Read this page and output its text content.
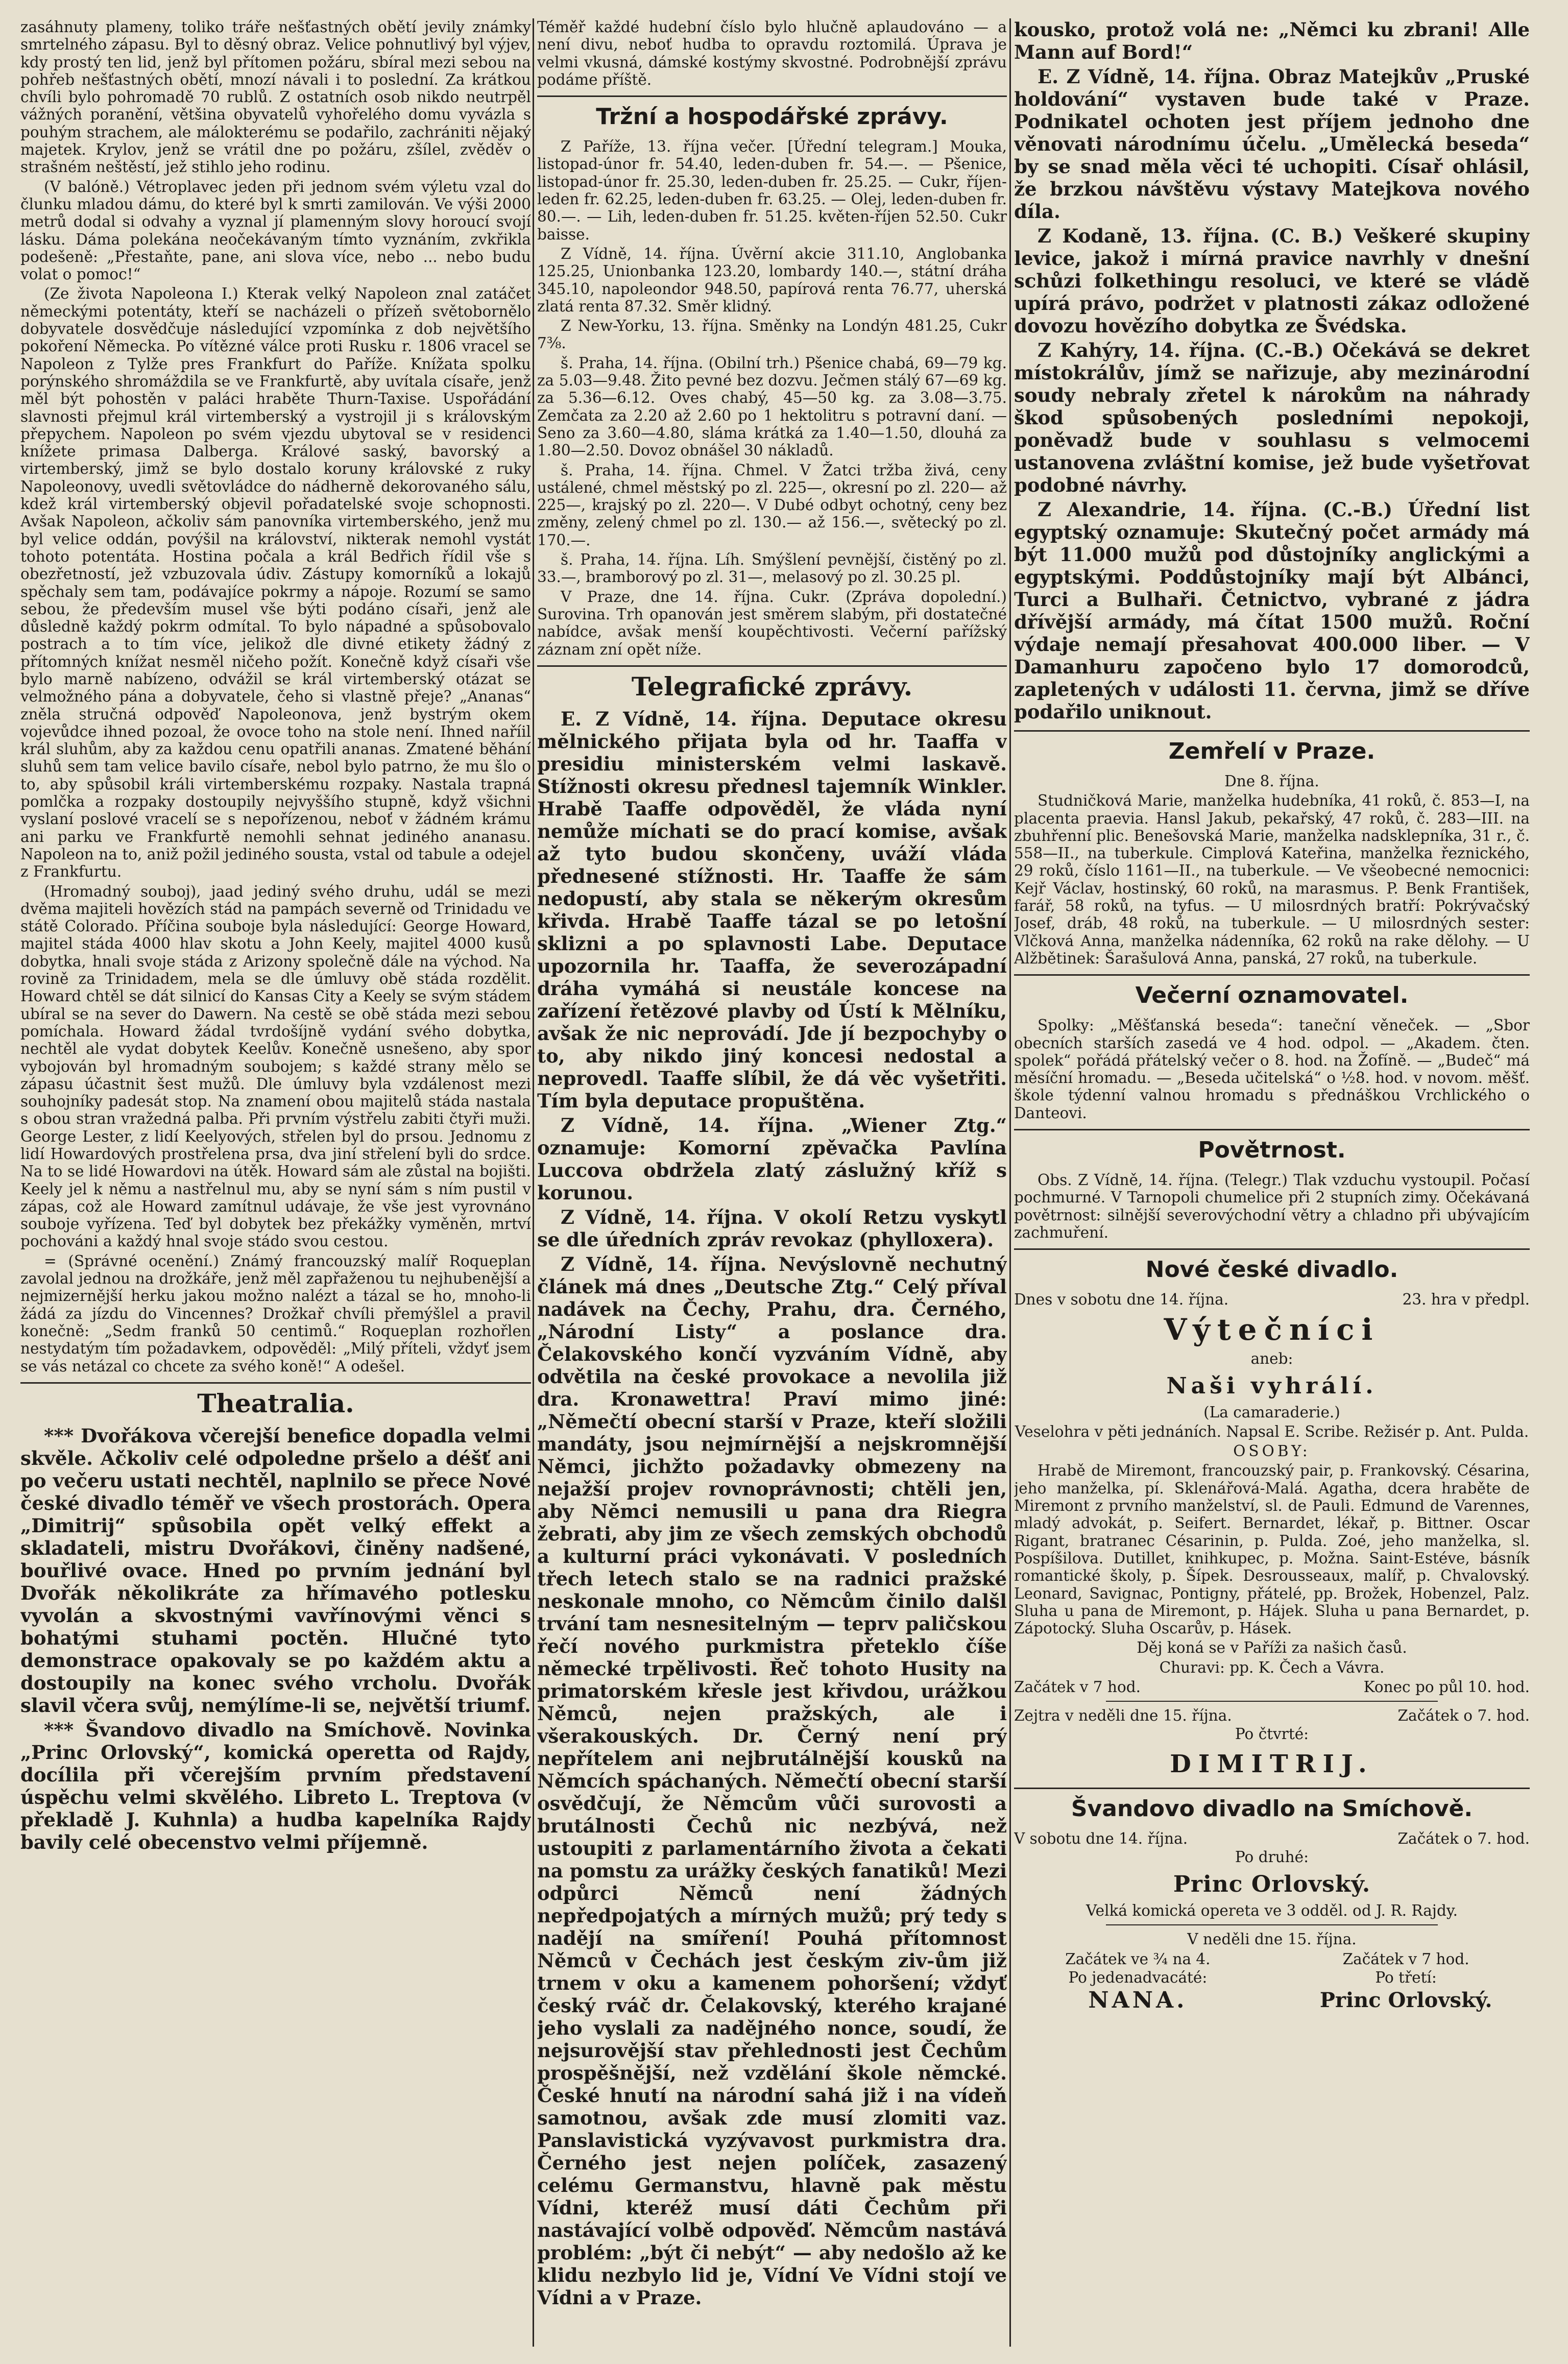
zasáhnuty plameny, toliko tráře nešťastných obětí jevily známky smrtelného zápasu. Byl to děsný obraz. Velice pohnutlivý byl výjev, kdy prostý ten lid, jenž byl přítomen požáru, sbíral mezi sebou na pohřeb nešťastných obětí, mnozí návali i to poslední. Za krátkou chvíli bylo pohromadě 70 rublů. Z ostatních osob nikdo neutrpěl vážných poranění, většina obyvatelů vyhořelého domu vyvázla s pouhým strachem, ale málokterému se podařilo, zachrániti nějaký majetek. Krylov, jenž se vrátil dne po požáru, zšílel, zvěděv o strašném neštěstí, jež stihlo jeho rodinu.

(V balóně.) Vétroplavec jeden při jednom svém výletu vzal do člunku mladou dámu, do které byl k smrti zamilován. Ve výši 2000 metrů dodal si odvahy a vyznal jí plamenným slovy horoucí svojí lásku. Dáma polekána neočekávaným tímto vyznáním, zvkřikla podešeně: „Přestaňte, pane, ani slova více, nebo ... nebo budu volat o pomoc!“

(Ze života Napoleona I.) Kterak velký Napoleon znal zatáčet německými potentáty, kteří se nacházeli o přízeň světobornělo dobyvatele dosvědčuje následující vzpomínka z dob největšího pokoření Německa. Po vítězné válce proti Rusku r. 1806 vracel se Napoleon z Tylže pres Frankfurt do Paříže. Knížata spolku porýnského shromáždila se ve Frankfurtě, aby uvítala císaře, jenž měl být pohostěn v paláci hraběte Thurn-Taxise. Uspořádání slavnosti přejmul král virtemberský a vystrojil ji s královským přepychem. Napoleon po svém vjezdu ubytoval se v residenci knížete primasa Dalberga. Králové saský, bavorský a virtemberský, jimž se bylo dostalo koruny královské z ruky Napoleonovy, uvedli světovládce do nádherně dekorovaného sálu, kdež král virtemberský objevil pořadatelské svoje schopnosti. Avšak Napoleon, ačkoliv sám panovníka virtemberského, jenž mu byl velice oddán, povýšil na království, nikterak nemohl vystát tohoto potentáta. Hostina počala a král Bedřich řídil vše s obezřetností, jež vzbuzovala údiv. Zástupy komorníků a lokajů spěchaly sem tam, podávajíce pokrmy a nápoje. Rozumí se samo sebou, že především musel vše býti podáno císaři, jenž ale důsledně každý pokrm odmítal. To bylo nápadné a spůsobovalo postrach a to tím více, jelikož dle divné etikety žádný z přítomných knížat nesměl ničeho požít. Konečně když císaři vše bylo marně nabízeno, odvážil se král virtemberský otázat se velmožného pána a dobyvatele, čeho si vlastně přeje? „Ananas“ zněla stručná odpověď Napoleonova, jenž bystrým okem vojevůdce ihned pozoal, že ovoce toho na stole není. Ihned naříil král sluhům, aby za každou cenu opatřili ananas. Zmatené běhání sluhů sem tam velice bavilo císaře, nebol bylo patrno, že mu šlo o to, aby spůsobil králi virtemberskému rozpaky. Nastala trapná pomlčka a rozpaky dostoupily nejvyššího stupně, když všichni vyslaní poslové vracelí se s nepořízenou, neboť v žádném krámu ani parku ve Frankfurtě nemohli sehnat jediného ananasu. Napoleon na to, aniž požil jediného sousta, vstal od tabule a odejel z Frankfurtu.

(Hromadný souboj), jaad jediný svého druhu, udál se mezi dvěma majiteli hovězích stád na pampách severně od Trinidadu ve státě Colorado. Příčina souboje byla následující: George Howard, majitel stáda 4000 hlav skotu a John Keely, majitel 4000 kusů dobytka, hnali svoje stáda z Arizony společně dále na východ. Na rovině za Trinidadem, mela se dle úmluvy obě stáda rozdělit. Howard chtěl se dát silnicí do Kansas City a Keely se svým stádem ubíral se na sever do Dawern. Na cestě se obě stáda mezi sebou pomíchala. Howard žádal tvrdošíjně vydání svého dobytka, nechtěl ale vydat dobytek Keelův. Konečně usnešeno, aby spor vybojován byl hromadným soubojem; s každé strany mělo se zápasu účastnit šest mužů. Dle úmluvy byla vzdálenost mezi souhojníky padesát stop. Na znamení obou majitelů stáda nastala s obou stran vražedná palba. Při prvním výstřelu zabiti čtyři muži. George Lester, z lidí Keelyových, střelen byl do prsou. Jednomu z lidí Howardových prostřelena prsa, dva jiní střelení byli do srdce. Na to se lidé Howardovi na útěk. Howard sám ale zůstal na bojišti. Keely jel k němu a nastřelnul mu, aby se nyní sám s ním pustil v zápas, což ale Howard zamítnul udávaje, že vše jest vyrovnáno souboje vyřízena. Teď byl dobytek bez překážky vyměněn, mrtví pochováni a každý hnal svoje stádo svou cestou.

= (Správné ocenění.) Známý francouzský malíř Roqueplan zavolal jednou na drožkáře, jenž měl zapřaženou tu nejhubenější a nejmizernější herku jakou možno nalézt a tázal se ho, mnoho-li žádá za jízdu do Vincennes? Drožkař chvíli přemýšlel a pravil konečně: „Sedm franků 50 centimů.“ Roqueplan rozhořlen nestydatým tím požadavkem, odpověděl: „Milý příteli, vždyť jsem se vás netázal co chcete za svého koně!“ A odešel.

Theatralia.

*** Dvořákova včerejší benefice dopadla velmi skvěle. Ačkoliv celé odpoledne pršelo a déšť ani po večeru ustati nechtěl, naplnilo se přece Nové české divadlo téměř ve všech prostorách. Opera „Dimitrij“ spůsobila opět velký effekt a skladateli, mistru Dvořákovi, činěny nadšené, bouřlivé ovace. Hned po prvním jednání byl Dvořák několikráte za hřímavého potlesku vyvolán a skvostnými vavřínovými věnci s bohatými stuhami poctěn. Hlučné tyto demonstrace opakovaly se po každém aktu a dostoupily na konec svého vrcholu. Dvořák slavil včera svůj, nemýlíme-li se, největší triumf.

*** Švandovo divadlo na Smíchově. Novinka „Princ Orlovský“, komická operetta od Rajdy, docílila při včerejším prvním představení úspěchu velmi skvělého. Libreto L. Treptova (v překladě J. Kuhnla) a hudba kapelníka Rajdy bavily celé obecenstvo velmi příjemně.

Téměř každé hudební číslo bylo hlučně aplaudováno — a není divu, neboť hudba to opravdu roztomilá. Úprava je velmi vkusná, dámské kostýmy skvostné. Podrobnější zprávu podáme příště.

Tržní a hospodářské zprávy.

Z Paříže, 13. října večer. [Úřední telegram.] Mouka, listopad-únor fr. 54.40, leden-duben fr. 54.—. — Pšenice, listopad-únor fr. 25.30, leden-duben fr. 25.25. — Cukr, říjen-leden fr. 62.25, leden-duben fr. 63.25. — Olej, leden-duben fr. 80.—. — Lih, leden-duben fr. 51.25. květen-říjen 52.50. Cukr baisse.

Z Vídně, 14. října. Úvěrní akcie 311.10, Anglobanka 125.25, Unionbanka 123.20, lombardy 140.—, státní dráha 345.10, napoleondor 948.50, papírová renta 76.77, uherská zlatá renta 87.32. Směr klidný.

Z New-Yorku, 13. října. Směnky na Londýn 481.25, Cukr 7⅜.

š. Praha, 14. října. (Obilní trh.) Pšenice chabá, 69—79 kg. za 5.03—9.48. Žito pevné bez dozvu. Ječmen stálý 67—69 kg. za 5.36—6.12. Oves chabý, 45—50 kg. za 3.08—3.75. Zemčata za 2.20 až 2.60 po 1 hektolitru s potravní daní. — Seno za 3.60—4.80, sláma krátká za 1.40—1.50, dlouhá za 1.80—2.50. Dovoz obnášel 30 nákladů.

š. Praha, 14. října. Chmel. V Žatci tržba živá, ceny ustálené, chmel městský po zl. 225—, okresní po zl. 220— až 225—, krajský po zl. 220—. V Dubé odbyt ochotný, ceny bez změny, zelený chmel po zl. 130.— až 156.—, světecký po zl. 170.—.

š. Praha, 14. října. Líh. Smýšlení pevnější, čistěný po zl. 33.—, bramborový po zl. 31—, melasový po zl. 30.25 pl.

V Praze, dne 14. října. Cukr. (Zpráva dopolední.) Surovina. Trh opanován jest směrem slabým, při dostatečné nabídce, avšak menší koupěchtivosti. Večerní pařížský záznam zní opět níže.

Telegrafické zprávy.

E. Z Vídně, 14. října. Deputace okresu mělnického přijata byla od hr. Taaffa v presidiu ministerském velmi laskavě. Stížnosti okresu přednesl tajemník Winkler. Hrabě Taaffe odpověděl, že vláda nyní nemůže míchati se do prací komise, avšak až tyto budou skončeny, uváží vláda přednesené stížnosti. Hr. Taaffe že sám nedopustí, aby stala se někerým okresům křivda. Hrabě Taaffe tázal se po letošní sklizni a po splavnosti Labe. Deputace upozornila hr. Taaffa, že severozápadní dráha vymáhá si neustále koncese na zařízení řetězové plavby od Ústí k Mělníku, avšak že nic neprovádí. Jde jí bezpochyby o to, aby nikdo jiný koncesi nedostal a neprovedl. Taaffe slíbil, že dá věc vyšetřiti. Tím byla deputace propuštěna.

Z Vídně, 14. října. „Wiener Ztg.“ oznamuje: Komorní zpěvačka Pavlína Luccova obdržela zlatý záslužný kříž s korunou.

Z Vídně, 14. října. V okolí Retzu vyskytl se dle úředních zpráv revokaz (phylloxera).

Z Vídně, 14. října. Nevýslovně nechutný článek má dnes „Deutsche Ztg.“ Celý příval nadávek na Čechy, Prahu, dra. Černého, „Národní Listy“ a poslance dra. Čelakovského končí vyzváním Vídně, aby odvětila na české provokace a nevolila již dra. Kronawettra! Praví mimo jiné: „Němečtí obecní starší v Praze, kteří složili mandáty, jsou nejmírnější a nejskromnější Němci, jichžto požadavky obmezeny na nejažší projev rovnoprávnosti; chtěli jen, aby Němci nemusili u pana dra Riegra žebrati, aby jim ze všech zemských obchodů a kulturní práci vykonávati. V posledních třech letech stalo se na radnici pražské neskonale mnoho, co Němcům činilo dalšl trvání tam nesnesitelným — teprv paličskou řečí nového purkmistra přeteklo číše německé trpělivosti. Řeč tohoto Husity na primatorském křesle jest křivdou, urážkou Němců, nejen pražských, ale i všerakouských. Dr. Černý není prý nepřítelem ani nejbrutálnější kousků na Němcích spáchaných. Němečtí obecní starší osvědčují, že Němcům vůči surovosti a brutálnosti Čechů nic nezbývá, než ustoupiti z parlamentárního života a čekati na pomstu za urážky českých fanatiků! Mezi odpůrci Němců není žádných nepředpojatých a mírných mužů; prý tedy s nadějí na smíření! Pouhá přítomnost Němců v Čechách jest českým ziv-ům již trnem v oku a kamenem pohoršení; vždyť český rváč dr. Čelakovský, kterého krajané jeho vyslali za nadějného nonce, soudí, že nejsurovější stav přehlednosti jest Čechům prospěšnější, než vzdělání škole němcké. České hnutí na národní sahá již i na vídeň samotnou, avšak zde musí zlomiti vaz. Panslavistická vyzývavost purkmistra dra. Černého jest nejen políček, zasazený celému Germanstvu, hlavně pak městu Vídni, kteréž musí dáti Čechům při nastávající volbě odpověď. Němcům nastává problém: „být či nebýt“ — aby nedošlo až ke klidu nezbylo lid je, Vídní Ve Vídni stojí ve Vídni a v Praze.

kousko, protož volá ne: „Němci ku zbrani! Alle Mann auf Bord!“

E. Z Vídně, 14. října. Obraz Matejkův „Pruské holdování“ vystaven bude také v Praze. Podnikatel ochoten jest příjem jednoho dne věnovati národnímu účelu. „Umělecká beseda“ by se snad měla věci té uchopiti. Císař ohlásil, že brzkou návštěvu výstavy Matejkova nového díla.

Z Kodaně, 13. října. (C. B.) Veškeré skupiny levice, jakož i mírná pravice navrhly v dnešní schůzi folkethingu resoluci, ve které se vládě upírá právo, podržet v platnosti zákaz odložené dovozu hovězího dobytka ze Švédska.

Z Kahýry, 14. října. (C.-B.) Očekává se dekret místokrálův, jímž se nařizuje, aby mezinárodní soudy nebraly zřetel k nárokům na náhrady škod spůsobených posledními nepokoji, poněvadž bude v souhlasu s velmocemi ustanovena zvláštní komise, jež bude vyšetřovat podobné návrhy.

Z Alexandrie, 14. října. (C.-B.) Úřední list egyptský oznamuje: Skutečný počet armády má být 11.000 mužů pod důstojníky anglickými a egyptskými. Poddůstojníky mají být Albánci, Turci a Bulhaři. Četnictvo, vybrané z jádra dřívější armády, má čítat 1500 mužů. Roční výdaje nemají přesahovat 400.000 liber. — V Damanhuru započeno bylo 17 domorodců, zapletených v události 11. června, jimž se dříve podařilo uniknout.

Zemřelí v Praze.

Dne 8. října.

Studničková Marie, manželka hudebníka, 41 roků, č. 853—I, na placenta praevia. Hansl Jakub, pekařský, 47 roků, č. 283—III. na zbuhřenní plic. Benešovská Marie, manželka nadsklepníka, 31 r., č. 558—II., na tuberkule. Cimplová Kateřina, manželka řeznického, 29 roků, číslo 1161—II., na tuberkule. — Ve všeobecné nemocnici: Kejř Václav, hostinský, 60 roků, na marasmus. P. Benk František, farář, 58 roků, na tyfus. — U milosrdných bratří: Pokrývačský Josef, dráb, 48 roků, na tuberkule. — U milosrdných sester: Vlčková Anna, manželka nádenníka, 62 roků na rake dělohy. — U Alžbětinek: Šarašulová Anna, panská, 27 roků, na tuberkule.

Večerní oznamovatel.

Spolky: „Měšťanská beseda“: taneční věneček. — „Sbor obecních starších zasedá ve 4 hod. odpol. — „Akadem. čten. spolek“ pořádá přátelský večer o 8. hod. na Žofíně. — „Budeč“ má měsíční hromadu. — „Beseda učitelská“ o ½8. hod. v novom. měšť. škole týdenní valnou hromadu s přednáškou Vrchlického o Danteovi.

Povětrnost.

Obs. Z Vídně, 14. října. (Telegr.) Tlak vzduchu vystoupil. Počasí pochmurné. V Tarnopoli chumelice při 2 stupních zimy. Očekávaná povětrnost: silnější severovýchodní větry a chladno při ubývajícím zachmuření.

Nové české divadlo.
Dnes v sobotu dne 14. října.	23. hra v předpl.
Výtečníci

aneb:

Naši vyhrálí.

(La camaraderie.)

Veselohra v pěti jednáních. Napsal E. Scribe. Režisér p. Ant. Pulda.

OSOBY:

Hrabě de Miremont, francouzský pair, p. Frankovský. Césarina, jeho manželka, pí. Sklenářová-Malá. Agatha, dcera hraběte de Miremont z prvního manželství, sl. de Pauli. Edmund de Varennes, mladý advokát, p. Seifert. Bernardet, lékař, p. Bittner. Oscar Rigant, bratranec Césarinin, p. Pulda. Zoé, jeho manželka, sl. Pospíšilova. Dutillet, knihkupec, p. Možna. Saint-Estéve, básník romantické školy, p. Šípek. Desrousseaux, malíř, p. Chvalovský. Leonard, Savignac, Pontigny, přátelé, pp. Brožek, Hobenzel, Palz. Sluha u pana de Miremont, p. Hájek. Sluha u pana Bernardet, p. Zápotocký. Sluha Oscarův, p. Hásek.

Děj koná se v Paříži za našich časů.

Churavi: pp. K. Čech a Vávra.

Začátek v 7 hod.	Konec po půl 10. hod.
Zejtra v neděli dne 15. října.	Začátek o 7. hod.

Po čtvrté:

DIMITRIJ.
Švandovo divadlo na Smíchově.
V sobotu dne 14. října.	Začátek o 7. hod.

Po druhé:

Princ Orlovský.

Velká komická opereta ve 3 odděl. od J. R. Rajdy.

V neděli dne 15. října.

Začátek ve ¾ na 4.
Po jedenadvacáté:
NANA.
Začátek v 7 hod.
Po třetí:
Princ Orlovský.
